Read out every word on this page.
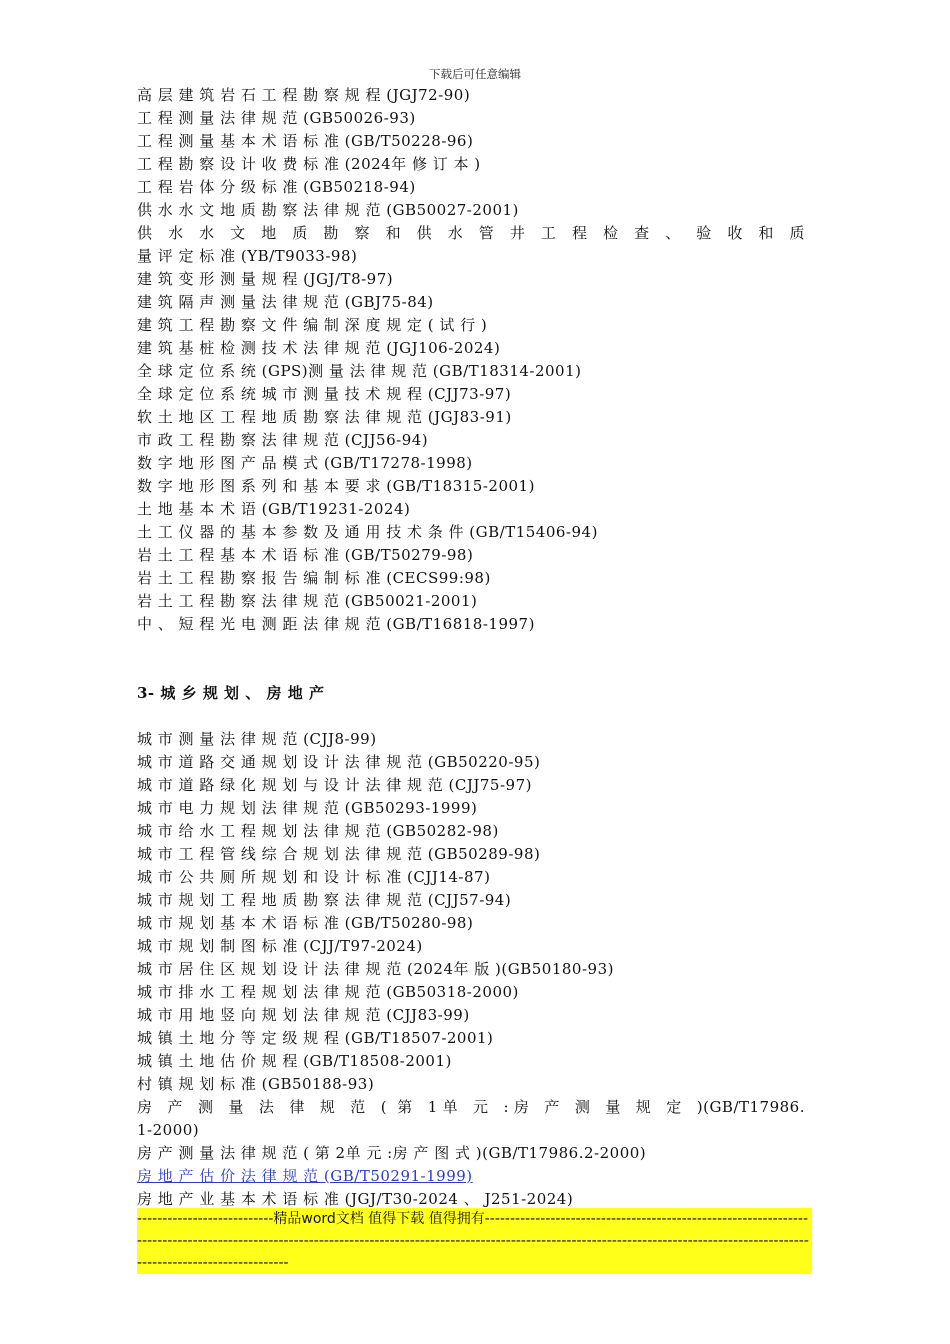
下载后可任意编辑
高 层 建 筑 岩 石 工 程 勘 察 规 程 (JGJ72-90)
工 程 测 量 法 律 规 范 (GB50026-93)
工 程 测 量 基 本 术 语 标 准 (GB/T50228-96)
工 程 勘 察 设 计 收 费 标 准 (2024年 修 订 本 )
工 程 岩 体 分 级 标 准 (GB50218-94)
供 水 水 文 地 质 勘 察 法 律 规 范 (GB50027-2001)
供 水 水 文 地 质 勘 察 和 供 水 管 井 工 程 检 查 、 验 收 和 质
量 评 定 标 准 (YB/T9033-98)
建 筑 变 形 测 量 规 程 (JGJ/T8-97)
建 筑 隔 声 测 量 法 律 规 范 (GBJ75-84)
建 筑 工 程 勘 察 文 件 编 制 深 度 规 定 ( 试 行 )
建 筑 基 桩 检 测 技 术 法 律 规 范 (JGJ106-2024)
全 球 定 位 系 统 (GPS)测 量 法 律 规 范 (GB/T18314-2001)
全 球 定 位 系 统 城 市 测 量 技 术 规 程 (CJJ73-97)
软 土 地 区 工 程 地 质 勘 察 法 律 规 范 (JGJ83-91)
市 政 工 程 勘 察 法 律 规 范 (CJJ56-94)
数 字 地 形 图 产 品 模 式 (GB/T17278-1998)
数 字 地 形 图 系 列 和 基 本 要 求 (GB/T18315-2001)
土 地 基 本 术 语 (GB/T19231-2024)
土 工 仪 器 的 基 本 参 数 及 通 用 技 术 条 件 (GB/T15406-94)
岩 土 工 程 基 本 术 语 标 准 (GB/T50279-98)
岩 土 工 程 勘 察 报 告 编 制 标 准 (CECS99:98)
岩 土 工 程 勘 察 法 律 规 范 (GB50021-2001)
中 、 短 程 光 电 测 距 法 律 规 范 (GB/T16818-1997)
3- 城 乡 规 划 、 房 地 产
城 市 测 量 法 律 规 范 (CJJ8-99)
城 市 道 路 交 通 规 划 设 计 法 律 规 范 (GB50220-95)
城 市 道 路 绿 化 规 划 与 设 计 法 律 规 范 (CJJ75-97)
城 市 电 力 规 划 法 律 规 范 (GB50293-1999)
城 市 给 水 工 程 规 划 法 律 规 范 (GB50282-98)
城 市 工 程 管 线 综 合 规 划 法 律 规 范 (GB50289-98)
城 市 公 共 厕 所 规 划 和 设 计 标 准 (CJJ14-87)
城 市 规 划 工 程 地 质 勘 察 法 律 规 范 (CJJ57-94)
城 市 规 划 基 本 术 语 标 准 (GB/T50280-98)
城 市 规 划 制 图 标 准 (CJJ/T97-2024)
城 市 居 住 区 规 划 设 计 法 律 规 范 (2024年 版 )(GB50180-93)
城 市 排 水 工 程 规 划 法 律 规 范 (GB50318-2000)
城 市 用 地 竖 向 规 划 法 律 规 范 (CJJ83-99)
城 镇 土 地 分 等 定 级 规 程 (GB/T18507-2001)
城 镇 土 地 估 价 规 程 (GB/T18508-2001)
村 镇 规 划 标 准 (GB50188-93)
房 产 测 量 法 律 规 范 ( 第 1单 元 :房 产 测 量 规 定 )(GB/T17986.
1-2000)
房 产 测 量 法 律 规 范 ( 第 2单 元 :房 产 图 式 )(GB/T17986.2-2000)
房 地 产 估 价 法 律 规 范 (GB/T50291-1999)
房 地 产 业 基 本 术 语 标 准 (JGJ/T30-2024 、 J251-2024)
---------------------------精品word文档 值得下载 值得拥有-----------------------------------------------------------------------------------------------------------------------------------------------------------------------------------------------------------------------------------
